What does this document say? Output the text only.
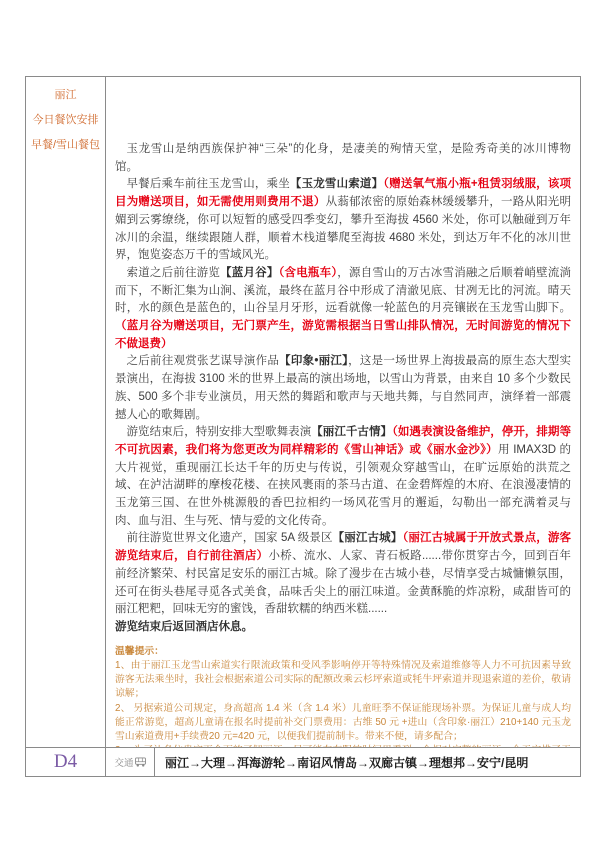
丽江
今日餐饮安排
早餐/雪山餐包	玉龙雪山是纳西族保护神“三朵”的化身，是凄美的殉情天堂，是险秀奇美的冰川博物馆。

早餐后乘车前往玉龙雪山，乘坐【玉龙雪山索道】（赠送氧气瓶小瓶+租赁羽绒服，该项目为赠送项目，如无需使用则费用不退）从蓊郁浓密的原始森林缓缓攀升，一路从阳光明媚到云雾缭绕，你可以短暂的感受四季变幻，攀升至海拔 4560 米处，你可以触碰到万年冰川的余温，继续跟随人群，顺着木栈道攀爬至海拔 4680 米处，到达万年不化的冰川世界，饱览姿态万千的雪域风光。

索道之后前往游览【蓝月谷】（含电瓶车），源自雪山的万古冰雪消融之后顺着峭壁流淌而下，不断汇集为山涧、溪流，最终在蓝月谷中形成了清澈见底、甘冽无比的河流。晴天时，水的颜色是蓝色的，山谷呈月牙形，远看就像一轮蓝色的月亮镶嵌在玉龙雪山脚下。（蓝月谷为赠送项目，无门票产生，游览需根据当日雪山排队情况，无时间游览的情况下不做退费）

之后前往观赏张艺谋导演作品【印象•丽江】，这是一场世界上海拔最高的原生态大型实景演出，在海拔 3100 米的世界上最高的演出场地，以雪山为背景，由来自 10 多个少数民族、500 多个非专业演员，用天然的舞蹈和歌声与天地共舞，与自然同声，演绎着一部震撼人心的歌舞剧。

游览结束后，特别安排大型歌舞表演【丽江千古情】（如遇表演设备维护，停开，排期等不可抗因素，我们将为您更改为同样精彩的《雪山神话》或《丽水金沙》）用 IMAX3D 的大片视觉，重现丽江长达千年的历史与传说，引领观众穿越雪山，在旷远原始的洪荒之域、在泸沽湖畔的摩梭花楼、在挟风裹雨的茶马古道、在金碧辉煌的木府、在浪漫凄情的玉龙第三国、在世外桃源般的香巴拉相约一场风花雪月的邂逅，勾勒出一部充满着灵与肉、血与泪、生与死、情与爱的文化传奇。

前往游览世界文化遗产，国家 5A 级景区【丽江古城】（丽江古城属于开放式景点，游客游览结束后，自行前往酒店）小桥、流水、人家、青石板路......带你贯穿古今，回到百年前经济繁荣、村民富足安乐的丽江古城。除了漫步在古城小巷，尽情享受古城慵懒氛围，还可在街头巷尾寻觅各式美食，品味舌尖上的丽江味道。金黄酥脆的炸凉粉，咸甜皆可的丽江粑粑，回味无穷的蜜饯，香甜软糯的纳西米糕......

游览结束后返回酒店休息。

温馨提示：
1、由于丽江玉龙雪山索道实行限流政策和受风季影响停开等特殊情况及索道维修等人力不可抗因素导致游客无法乘坐时，我社会根据索道公司实际的配额改乘云杉坪索道或牦牛坪索道并现退索道的差价，敬请谅解；
2、 另据索道公司规定，身高超高 1.4 米（含 1.4 米）儿童旺季不保证能现场补票。为保证儿童与成人均能正常游览，超高儿童请在报名时提前补交门票费用：古维 50 元 +进山（含印象·丽江）210+140 元玉龙雪山索道费用+手续费20 元=420 元，以便我们提前制卡。带来不便，请多配合；
D4	交通	丽江→大理→洱海游轮→南诏风情岛→双廊古镇→理想邦→安宁/昆明
